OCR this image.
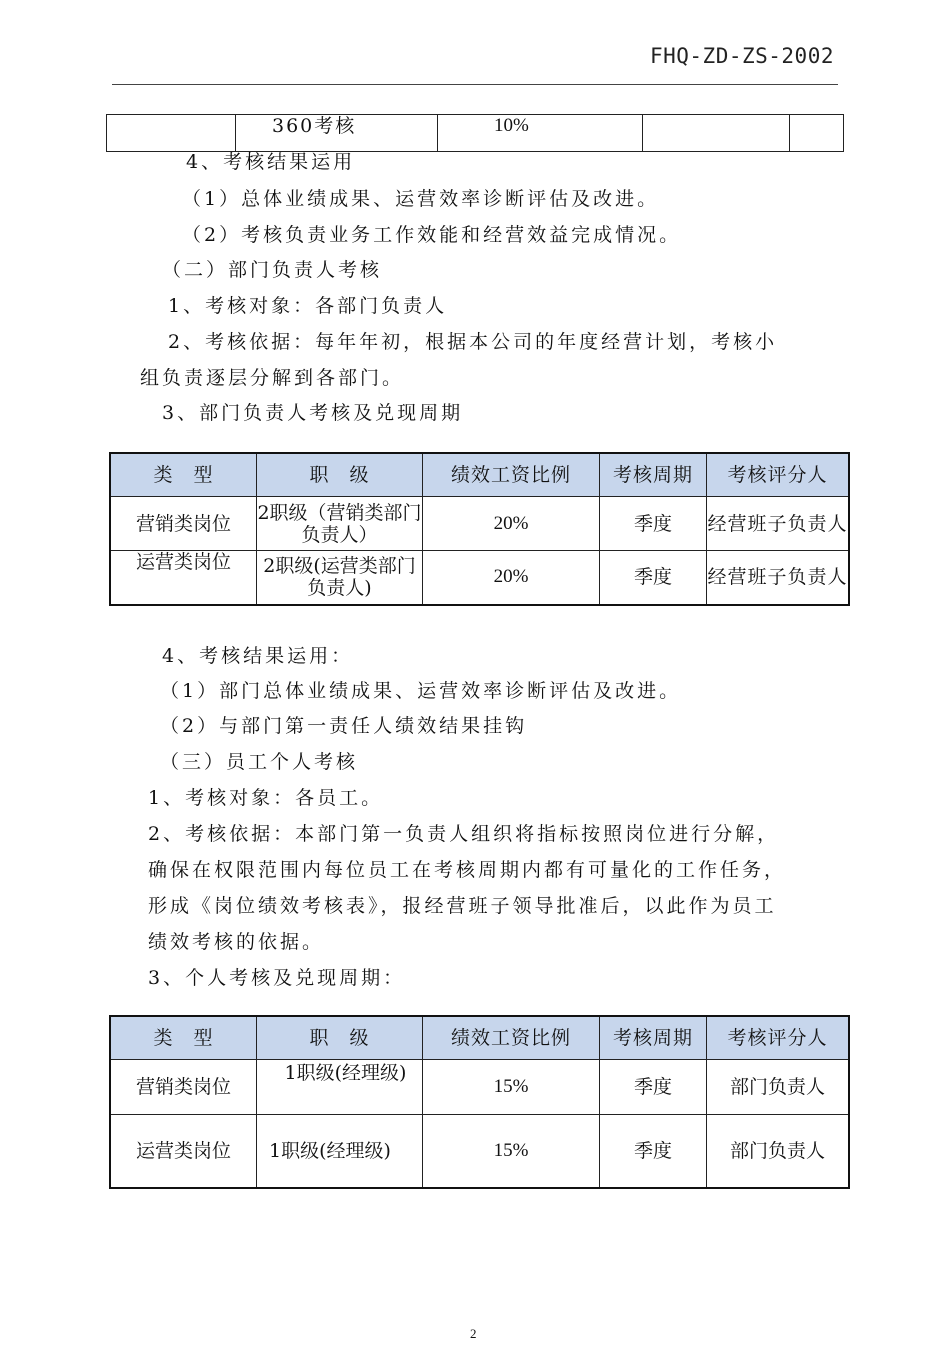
FHQ-ZD-ZS-2002
	360考核	10%		
4、考核结果运用
（1）总体业绩成果、运营效率诊断评估及改进。
（2）考核负责业务工作效能和经营效益完成情况。
（二）部门负责人考核
1、考核对象：各部门负责人
2、考核依据：每年年初，根据本公司的年度经营计划，考核小
组负责逐层分解到各部门。
3、部门负责人考核及兑现周期
类　型	职　级	绩效工资比例	考核周期	考核评分人
营销类岗位	2职级（营销类部门负责人）	20%	季度	经营班子负责人
运营类岗位	2职级(运营类部门负责人)	20%	季度	经营班子负责人
4、考核结果运用：
（1）部门总体业绩成果、运营效率诊断评估及改进。
（2）与部门第一责任人绩效结果挂钩
（三）员工个人考核
1、考核对象：各员工。
2、考核依据：本部门第一负责人组织将指标按照岗位进行分解，
确保在权限范围内每位员工在考核周期内都有可量化的工作任务，
形成《岗位绩效考核表》，报经营班子领导批准后，以此作为员工
绩效考核的依据。
3、个人考核及兑现周期：
类　型	职　级	绩效工资比例	考核周期	考核评分人
营销类岗位	1职级(经理级)	15%	季度	部门负责人
运营类岗位	1职级(经理级)	15%	季度	部门负责人
2
